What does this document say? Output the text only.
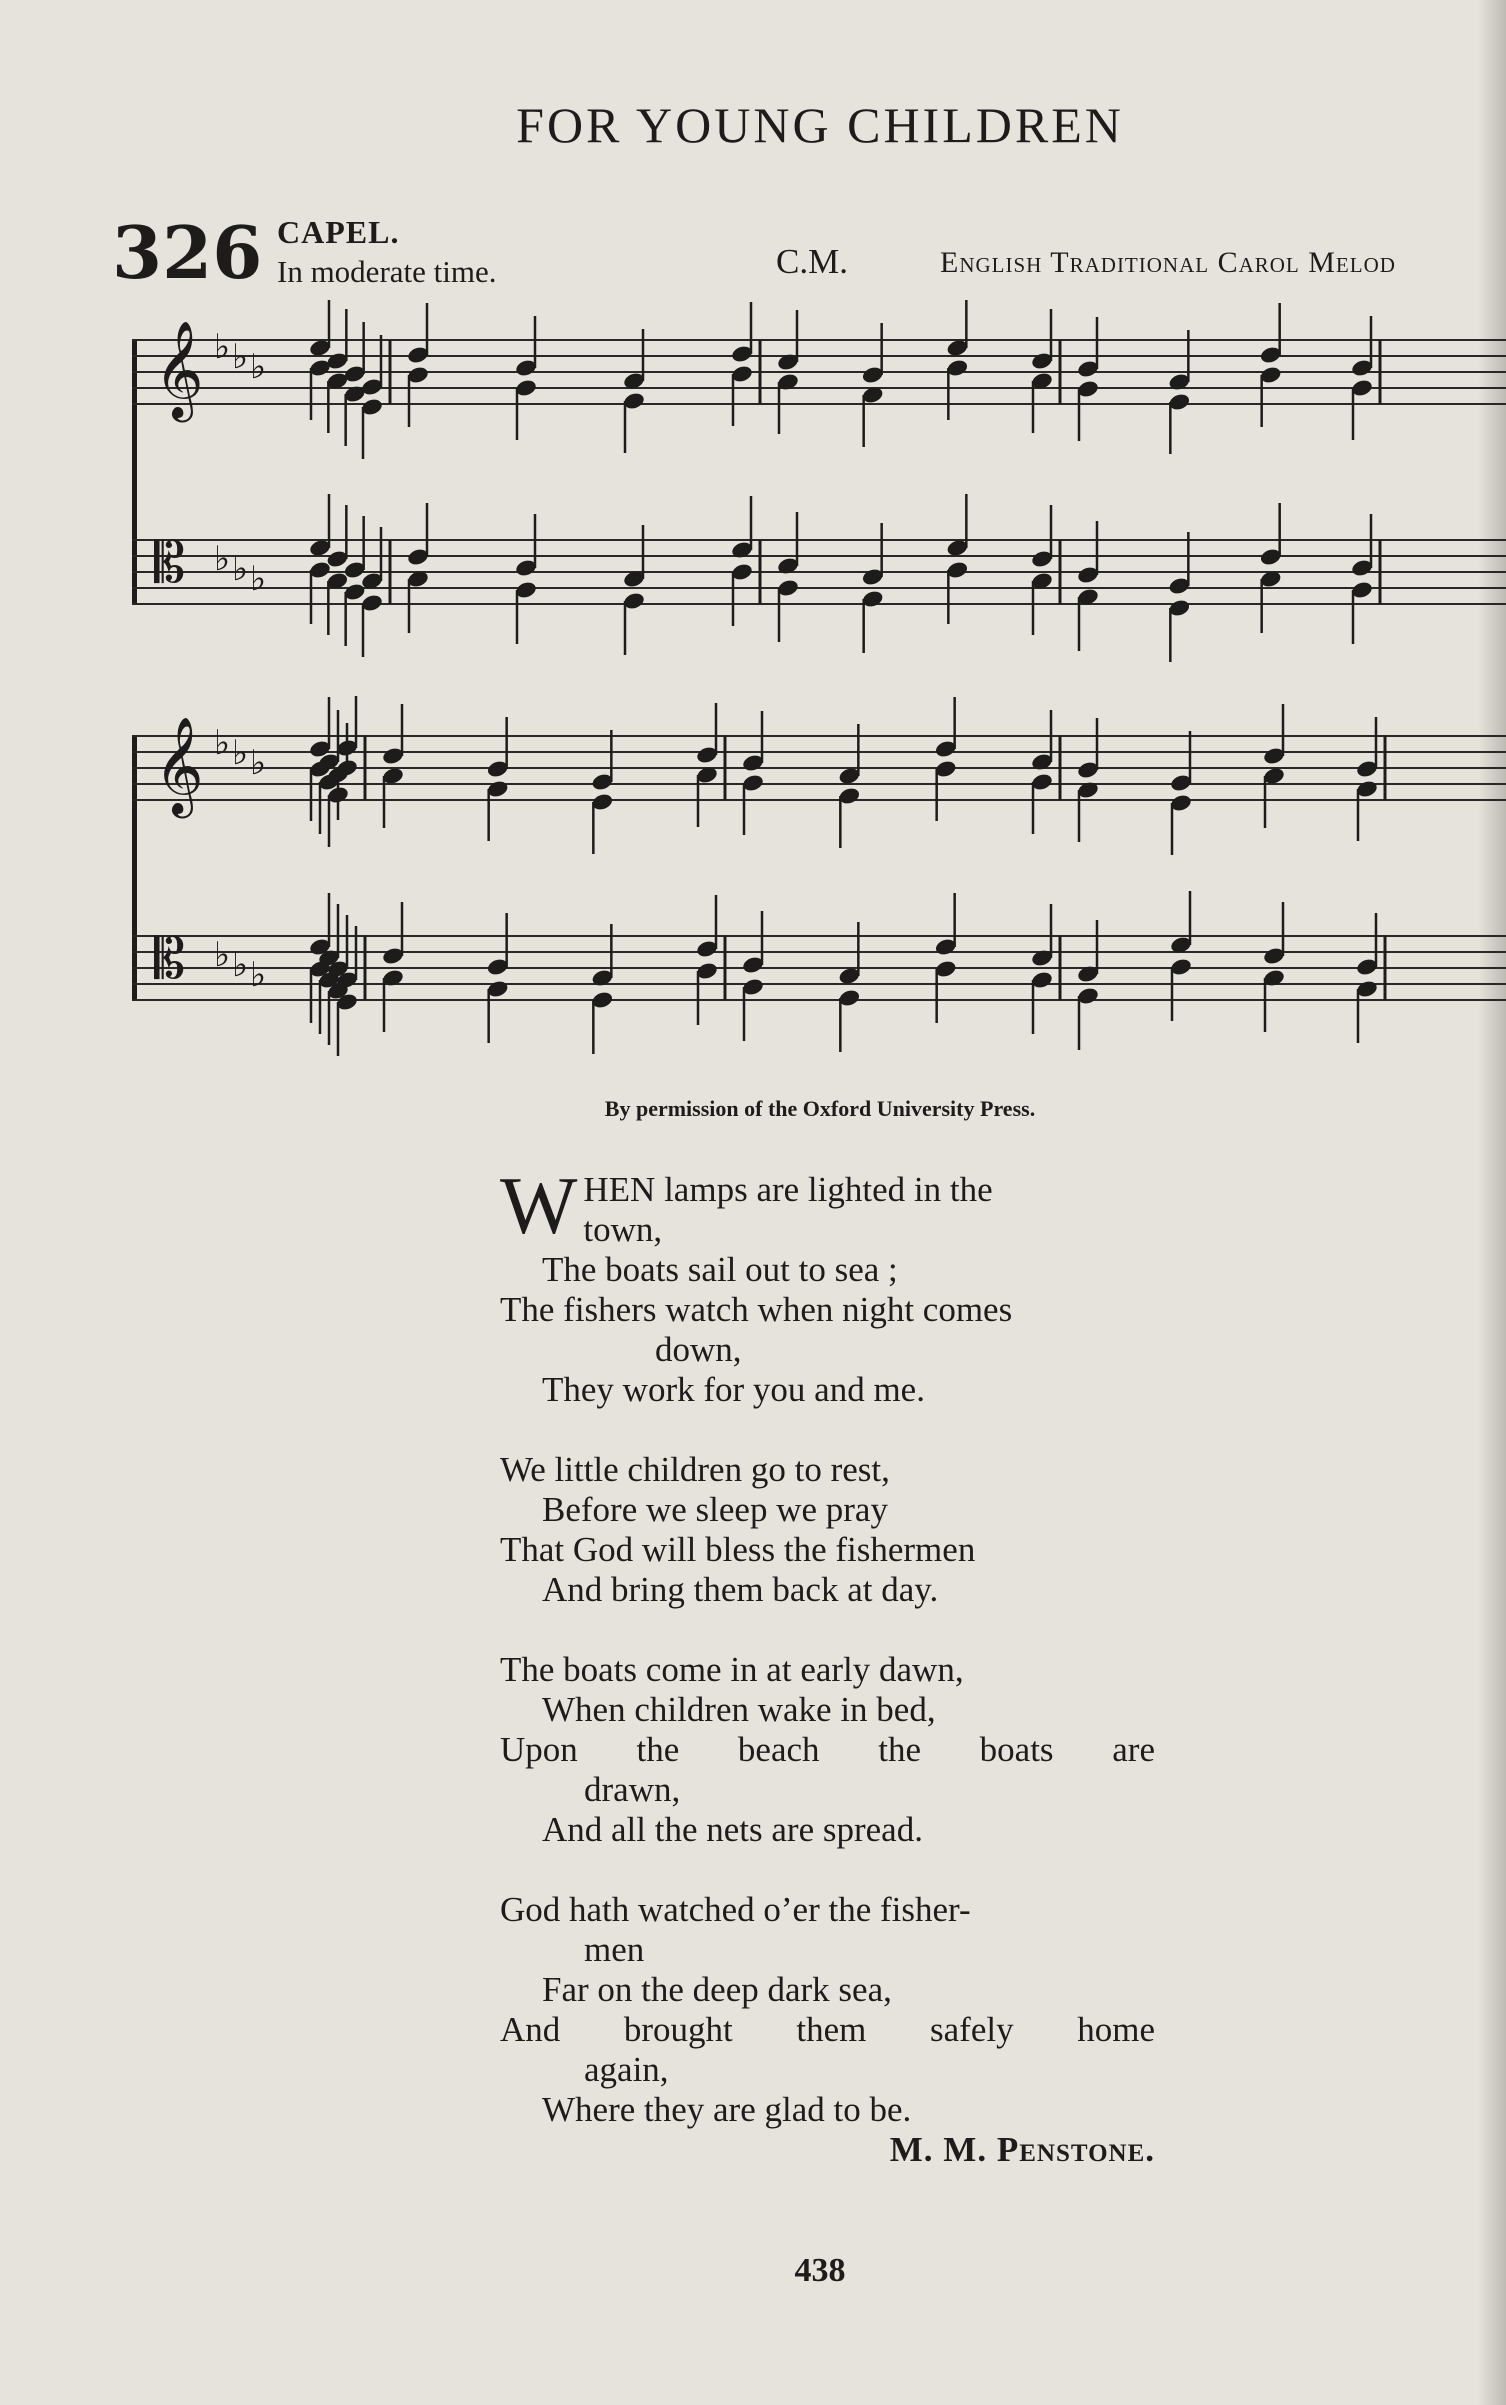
FOR YOUNG CHILDREN
326 CAPEL.
In moderate time.	C.M.	English Traditional Carol Melod
𝄞 ♭ ♭ ♭
𝄡 ♭ ♭ ♭
𝄞 ♭ ♭ ♭
𝄡 ♭ ♭ ♭
By permission of the Oxford University Press.
W HEN lamps are lighted in the
town,
The boats sail out to sea ;
The fishers watch when night comes
down,
They work for you and me.
We little children go to rest,
Before we sleep we pray
That God will bless the fishermen
And bring them back at day.
The boats come in at early dawn,
When children wake in bed,
Upon the beach the boats are
drawn,
And all the nets are spread.
God hath watched o’er the fisher-
men
Far on the deep dark sea,
And brought them safely home
again,
Where they are glad to be.
M. M. Penstone.
438
